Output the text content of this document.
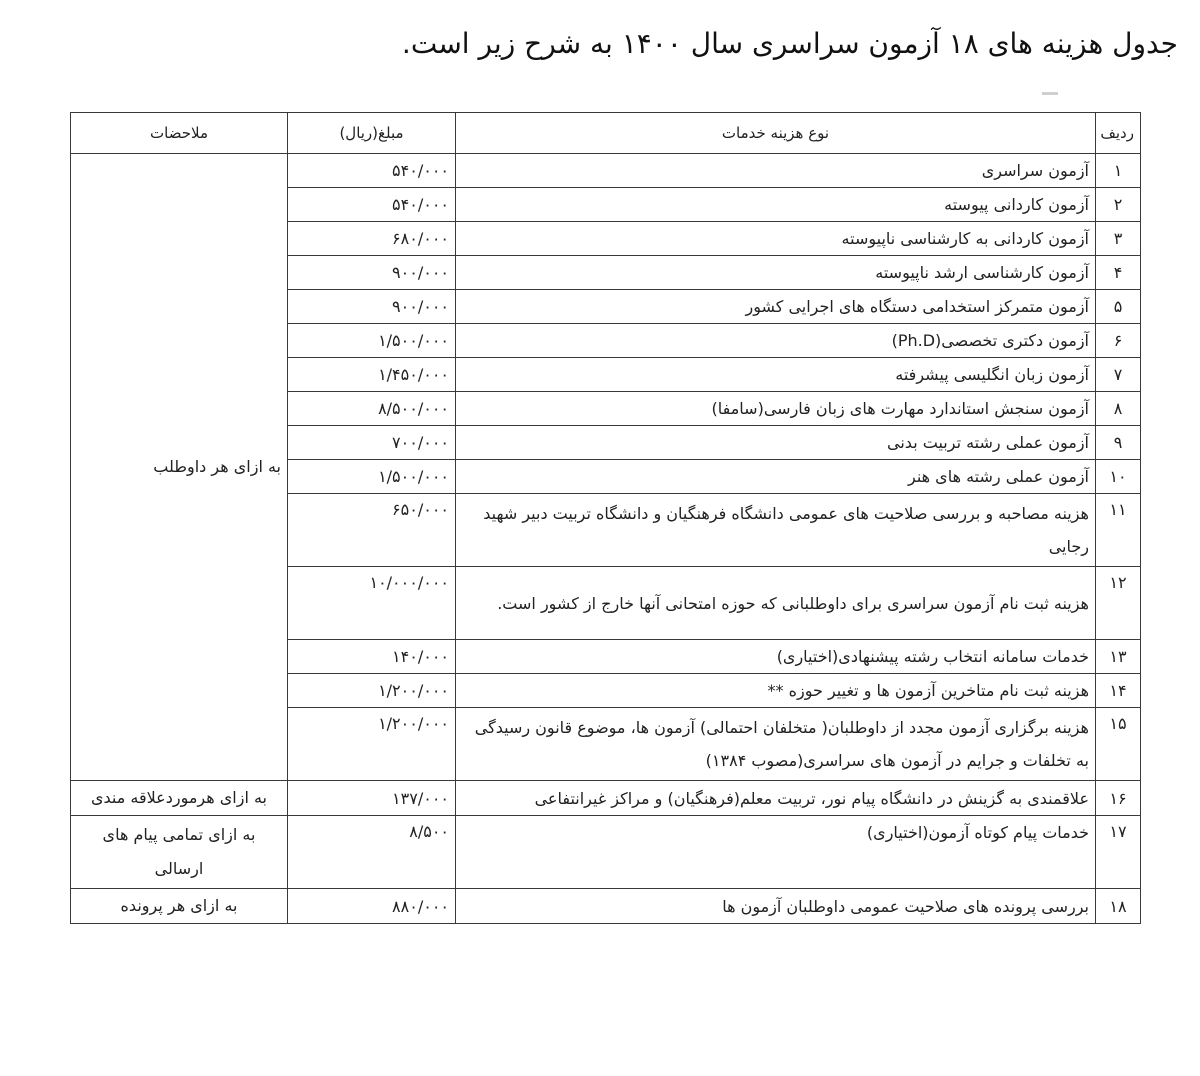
جدول هزینه های ۱۸ آزمون سراسری سال ۱۴۰۰ به شرح زیر است.
ردیف	نوع هزینه خدمات	مبلغ(ریال)	ملاحضات
۱	آزمون سراسری	۵۴۰/۰۰۰	به ازای هر داوطلب
۲	آزمون کاردانی پیوسته	۵۴۰/۰۰۰	
۳	آزمون کاردانی به کارشناسی ناپیوسته	۶۸۰/۰۰۰	
۴	آزمون کارشناسی ارشد ناپیوسته	۹۰۰/۰۰۰	
۵	آزمون متمرکز استخدامی دستگاه های اجرایی کشور	۹۰۰/۰۰۰	
۶	آزمون دکتری تخصصی(Ph.D)	۱/۵۰۰/۰۰۰	
۷	آزمون زبان انگلیسی پیشرفته	۱/۴۵۰/۰۰۰	
۸	آزمون سنجش استاندارد مهارت های زبان فارسی(سامفا)	۸/۵۰۰/۰۰۰	
۹	آزمون عملی رشته تربیت بدنی	۷۰۰/۰۰۰	
۱۰	آزمون عملی رشته های هنر	۱/۵۰۰/۰۰۰	
۱۱	هزینه مصاحبه و بررسی صلاحیت های عمومی دانشگاه فرهنگیان و دانشگاه تربیت دبیر شهید رجایی	۶۵۰/۰۰۰	
۱۲	هزینه ثبت نام آزمون سراسری برای داوطلبانی که حوزه امتحانی آنها خارج از کشور است.	۱۰/۰۰۰/۰۰۰	
۱۳	خدمات سامانه انتخاب رشته پیشنهادی(اختیاری)	۱۴۰/۰۰۰	
۱۴	هزینه ثبت نام متاخرین آزمون ها و تغییر حوزه **	۱/۲۰۰/۰۰۰	
۱۵	هزینه برگزاری آزمون مجدد از داوطلبان( متخلفان احتمالی) آزمون ها، موضوع قانون رسیدگی به تخلفات و جرایم در آزمون های سراسری(مصوب ۱۳۸۴)	۱/۲۰۰/۰۰۰	
۱۶	علاقمندی به گزینش در دانشگاه پیام نور، تربیت معلم(فرهنگیان) و مراکز غیرانتفاعی	۱۳۷/۰۰۰	به ازای هرموردعلاقه مندی
۱۷	خدمات پیام کوتاه آزمون(اختیاری)	۸/۵۰۰	به ازای تمامی پیام های ارسالی
۱۸	بررسی پرونده های صلاحیت عمومی داوطلبان آزمون ها	۸۸۰/۰۰۰	به ازای هر پرونده
